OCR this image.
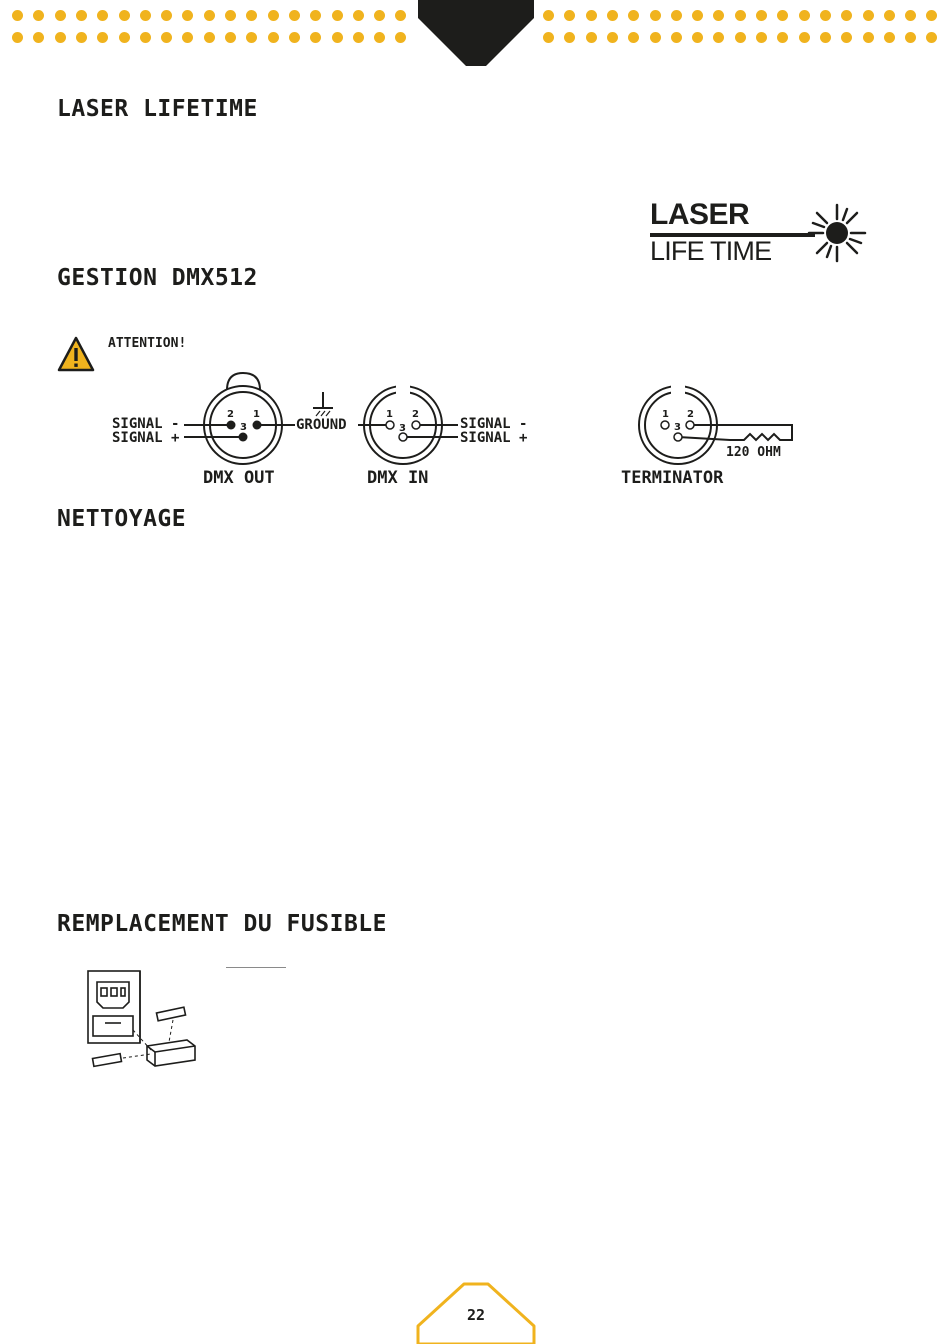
LASER LIFETIME
GESTION DMX512
NETTOYAGE
REMPLACEMENT DU FUSIBLE
LASER
LIFE TIME
ATTENTION!
2 1
3
1 2
3
1 2
3
SIGNAL -
SIGNAL +
GROUND	SIGNAL -
SIGNAL +
120 OHM
DMX OUT	DMX IN	TERMINATOR
22
